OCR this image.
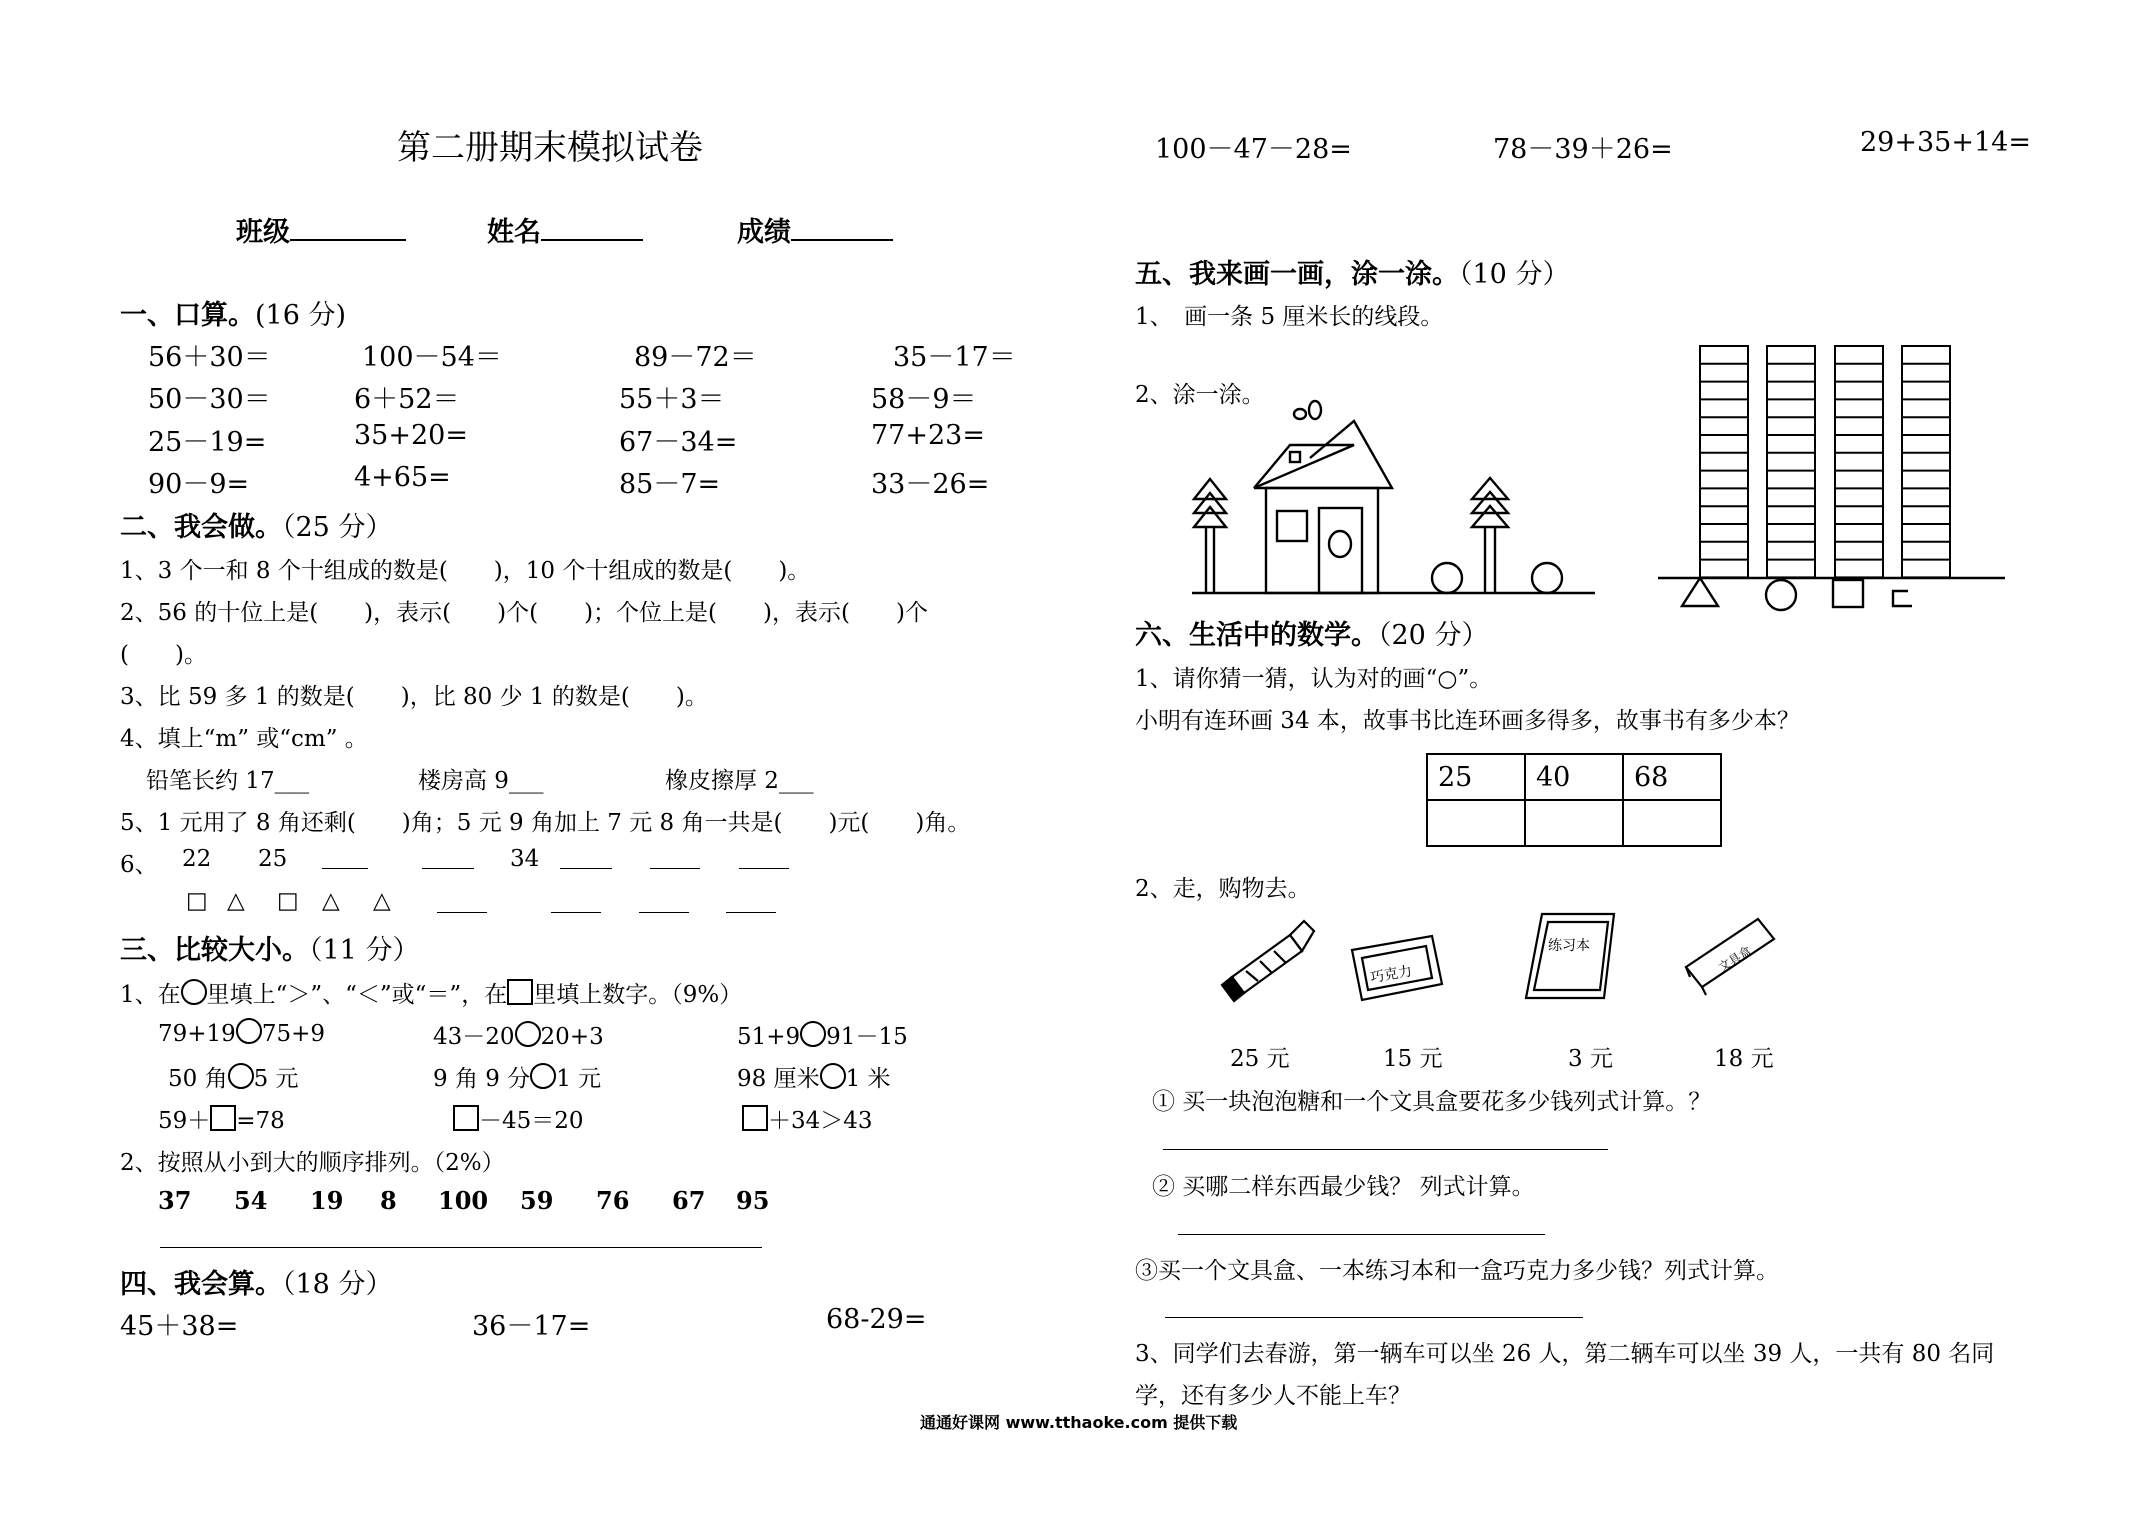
第二册期末模拟试卷
班级	姓名	成绩
一、口算。(16 分)
56＋30＝	100－54＝	89－72＝	35－17＝
50－30＝	6＋52＝	55＋3＝	58－9＝
25－19=	35+20=	67－34=	77+23=
90－9=	4+65=	85－7=	33－26=
二、我会做。（25 分）
1、3 个一和 8 个十组成的数是(　　)，10 个十组成的数是(　　)。
2、56 的十位上是(　　)，表示(　　)个(　　)；个位上是(　　)，表示(　　)个
(　　)。
3、比 59 多 1 的数是(　　)，比 80 少 1 的数是(　　)。
4、填上“m” 或“cm” 。
铅笔长约 17___	楼房高 9___	橡皮擦厚 2___
5、1 元用了 8 角还剩(　　)角；5 元 9 角加上 7 元 8 角一共是(　　)元(　　)角。
6、 22 25	34
□ △ □ △ △
三、比较大小。（11 分）
1、在 里填上“＞”、“＜”或“＝”，在 里填上数字。（9%）
79+19 75+9	43－20 20+3	51+9 91－15
50 角 5 元	9 角 9 分 1 元	98 厘米 1 米
59＋ =78	－45＝20	＋34＞43
2、按照从小到大的顺序排列。（2%）
37 54 19 8 100 59 76 67 95
四、我会算。（18 分）
45＋38=	36－17=	68-29=
100－47－28=	78－39＋26=	29+35+14=
五、我来画一画，涂一涂。（10 分）
1、　画一条 5 厘米长的线段。
2、涂一涂。
六、生活中的数学。（20 分）
1、请你猜一猜，认为对的画“○”。
小明有连环画 34 本，故事书比连环画多得多，故事书有多少本？
25	40	68

2、走，购物去。
巧克力
练习本	文具盒
25 元	15 元	3 元	18 元
① 买一块泡泡糖和一个文具盒要花多少钱列式计算。？
② 买哪二样东西最少钱？ 列式计算。
③买一个文具盒、一本练习本和一盒巧克力多少钱？列式计算。
3、同学们去春游，第一辆车可以坐 26 人，第二辆车可以坐 39 人，一共有 80 名同
学，还有多少人不能上车？
通通好课网 www.tthaoke.com 提供下载
